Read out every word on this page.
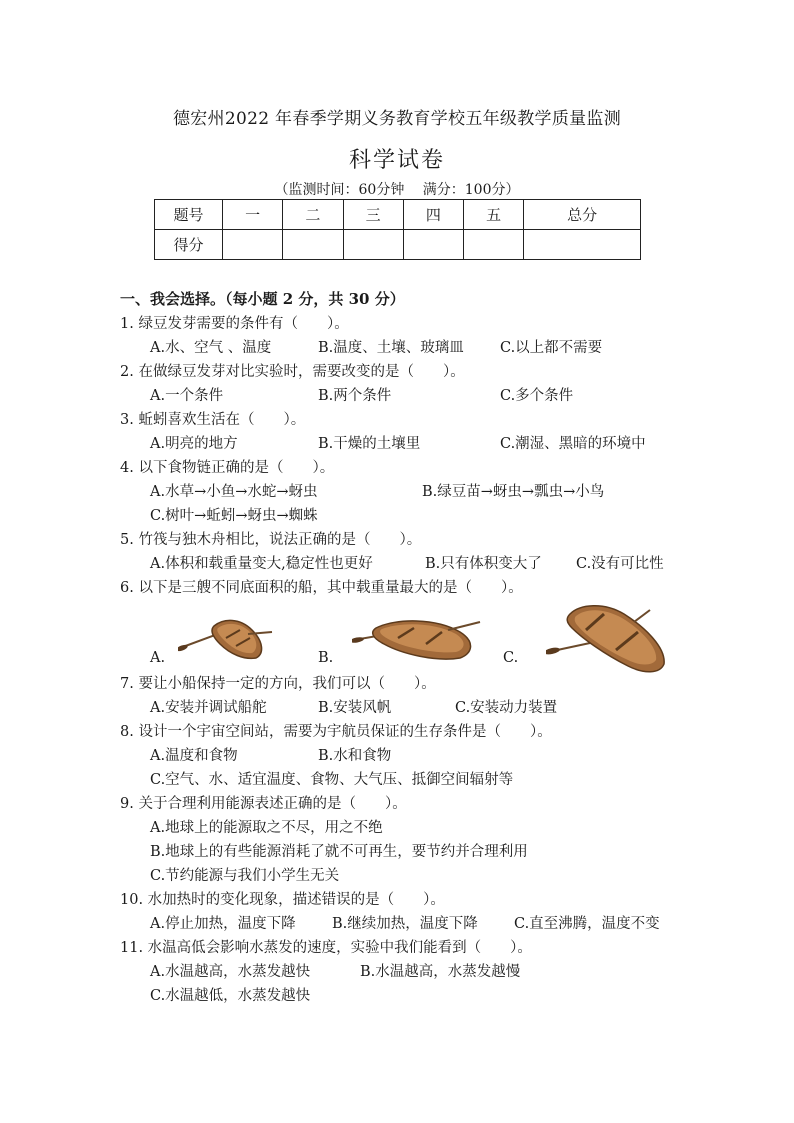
德宏州2022 年春季学期义务教育学校五年级教学质量监测
科学试卷
（监测时间：60分钟　 满分：100分）
题号	一	二	三	四	五	总分
得分						
一、我会选择。（每小题 2 分，共 30 分）
1. 绿豆发芽需要的条件有（　　）。
A.水、空气 、温度	B.温度、土壤、玻璃皿 C.以上都不需要
2. 在做绿豆发芽对比实验时，需要改变的是（　　）。
A.一个条件	B.两个条件	C.多个条件
3. 蚯蚓喜欢生活在（　　）。
A.明亮的地方	B.干燥的土壤里	C.潮湿、黑暗的环境中
4. 以下食物链正确的是（　　）。
A.水草→小鱼→水蛇→蚜虫	B.绿豆苗→蚜虫→瓢虫→小鸟
C.树叶→蚯蚓→蚜虫→蜘蛛
5. 竹筏与独木舟相比，说法正确的是（　　）。
A.体积和载重量变大,稳定性也更好	B.只有体积变大了 C.没有可比性
6. 以下是三艘不同底面积的船，其中载重量最大的是（　　）。
A.	B.	C.
7. 要让小船保持一定的方向，我们可以（　　）。
A.安装并调试船舵	B.安装风帆	C.安装动力装置
8. 设计一个宇宙空间站，需要为宇航员保证的生存条件是（　　）。
A.温度和食物	B.水和食物
C.空气、水、适宜温度、食物、大气压、抵御空间辐射等
9. 关于合理利用能源表述正确的是（　　）。
A.地球上的能源取之不尽，用之不绝
B.地球上的有些能源消耗了就不可再生，要节约并合理利用
C.节约能源与我们小学生无关
10. 水加热时的变化现象，描述错误的是（　　）。
A.停止加热，温度下降	B.继续加热，温度下降 C.直至沸腾，温度不变
11. 水温高低会影响水蒸发的速度，实验中我们能看到（　　）。
A.水温越高，水蒸发越快	B.水温越高，水蒸发越慢
C.水温越低，水蒸发越快
